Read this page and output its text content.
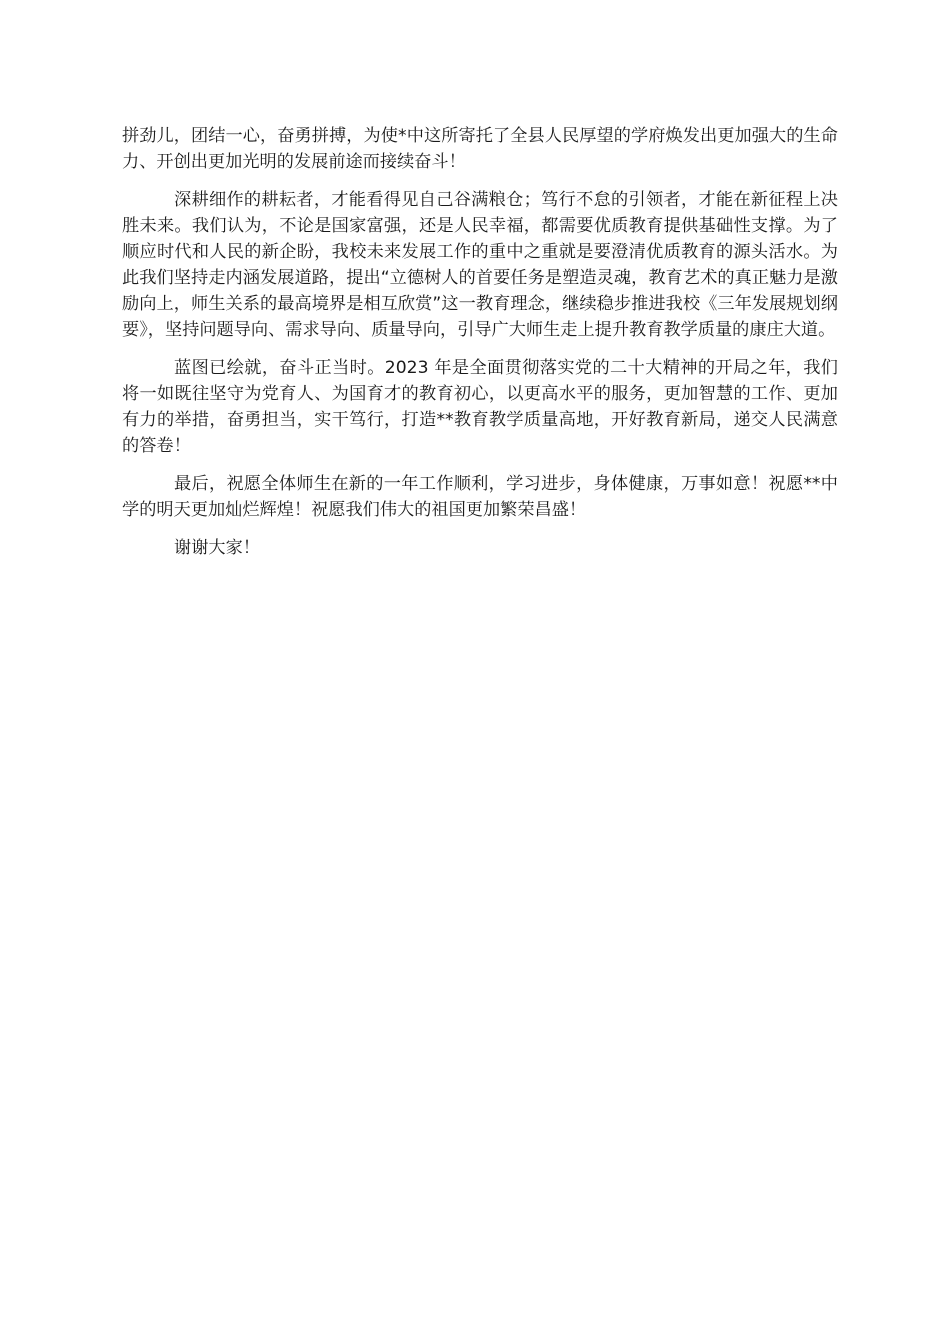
拼劲儿，团结一心，奋勇拼搏，为使*中这所寄托了全县人民厚望的学府焕发出更加强大的生命力、开创出更加光明的发展前途而接续奋斗！

深耕细作的耕耘者，才能看得见自己谷满粮仓；笃行不怠的引领者，才能在新征程上决胜未来。我们认为，不论是国家富强，还是人民幸福，都需要优质教育提供基础性支撑。为了顺应时代和人民的新企盼，我校未来发展工作的重中之重就是要澄清优质教育的源头活水。为此我们坚持走内涵发展道路，提出“立德树人的首要任务是塑造灵魂，教育艺术的真正魅力是激励向上，师生关系的最高境界是相互欣赏”这一教育理念，继续稳步推进我校《三年发展规划纲要》，坚持问题导向、需求导向、质量导向，引导广大师生走上提升教育教学质量的康庄大道。

蓝图已绘就，奋斗正当时。2023 年是全面贯彻落实党的二十大精神的开局之年，我们将一如既往坚守为党育人、为国育才的教育初心，以更高水平的服务，更加智慧的工作、更加有力的举措，奋勇担当，实干笃行，打造**教育教学质量高地，开好教育新局，递交人民满意的答卷！

最后，祝愿全体师生在新的一年工作顺利，学习进步，身体健康，万事如意！祝愿**中学的明天更加灿烂辉煌！祝愿我们伟大的祖国更加繁荣昌盛！

谢谢大家！
